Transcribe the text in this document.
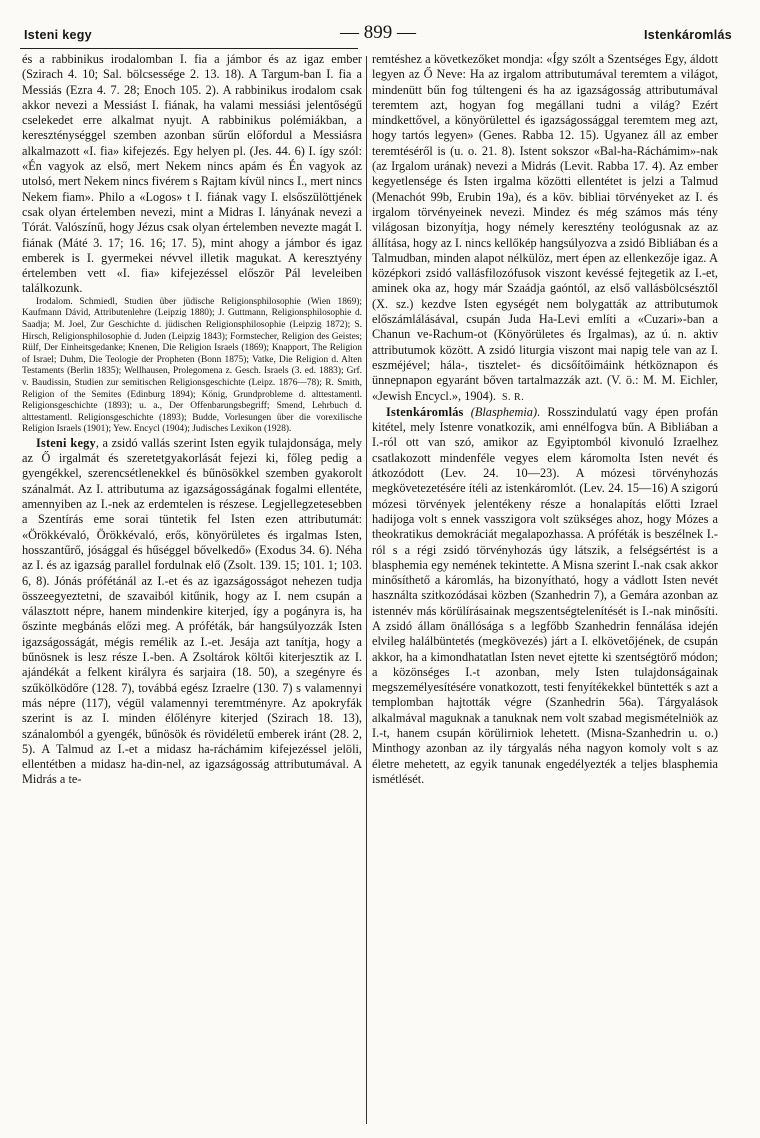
Isteni kegy	— 899 —	Istenkáromlás

és a rabbinikus irodalomban I. fia a jámbor és az igaz ember (Szirach 4. 10; Sal. bölcsessége 2. 13. 18). A Targum-ban I. fia a Messiás (Ezra 4. 7. 28; Enoch 105. 2). A rabbinikus irodalom csak akkor nevezi a Messiást I. fiának, ha valami messiási jelentőségű cselekedet erre alkalmat nyujt. A rabbinikus polémiákban, a kereszténységgel szemben azonban sűrűn előfordul a Messiásra alkalmazott «I. fia» kifejezés. Egy helyen pl. (Jes. 44. 6) I. így szól: «Én vagyok az első, mert Nekem nincs apám és Én vagyok az utolsó, mert Nekem nincs fivérem s Rajtam kívül nincs I., mert nincs Nekem fiam». Philo a «Logos» t I. fiának vagy I. elsőszülöttjének csak olyan értelemben nevezi, mint a Midras I. lányának nevezi a Tórát. Valószínű, hogy Jézus csak olyan értelemben nevezte magát I. fiának (Máté 3. 17; 16. 16; 17. 5), mint ahogy a jámbor és igaz emberek is I. gyermekei névvel illetik magukat. A keresztyény értelemben vett «I. fia» kifejezéssel először Pál leveleiben találkozunk.

Irodalom. Schmiedl, Studien über jüdische Religionsphilosophie (Wien 1869); Kaufmann Dávid, Attributenlehre (Leipzig 1880); J. Guttmann, Religionsphilosophie d. Saadja; M. Joel, Zur Geschichte d. jüdischen Religionsphilosophie (Leipzig 1872); S. Hirsch, Religionsphilosophie d. Juden (Leipzig 1843); Formstecher, Religion des Geistes; Rülf, Der Einheitsgedanke; Knenen, Die Religion Israels (1869); Knapport, The Religion of Israel; Duhm, Die Teologie der Propheten (Bonn 1875); Vatke, Die Religion d. Alten Testaments (Berlin 1835); Wellhausen, Prolegomena z. Gesch. Israels (3. ed. 1883); Grf. v. Baudissin, Studien zur semitischen Religionsgeschichte (Leipz. 1876—78); R. Smith, Religion of the Semites (Edinburg 1894); König, Grundprobleme d. alttestamentl. Religionsgeschichte (1893); u. a., Der Offenbarungsbegriff; Smend, Lehrbuch d. alttestamentl. Religionsgeschichte (1893); Budde, Vorlesungen über die vorexilische Religion Israels (1901); Yew. Encycl (1904); Judisches Lexikon (1928).

Isteni kegy, a zsidó vallás szerint Isten egyik tulajdonsága, mely az Ő irgalmát és szeretetgyakorlását fejezi ki, főleg pedig a gyengékkel, szerencsétlenekkel és bűnösökkel szemben gyakorolt szánalmát. Az I. attributuma az igazságosságának fogalmi ellentéte, amennyiben az I.-nek az erdemtelen is részese. Legjellegzetesebben a Szentírás eme sorai tüntetik fel Isten ezen attributumát: «Örökkévaló, Örökkévaló, erős, könyörületes és irgalmas Isten, hosszantűrő, jósággal és hűséggel bővelkedő» (Exodus 34. 6). Néha az I. és az igazság parallel fordulnak elő (Zsolt. 139. 15; 101. 1; 103. 6, 8). Jónás prófétánál az I.-et és az igazságosságot nehezen tudja összeegyeztetni, de szavaiból kitűnik, hogy az I. nem csupán a választott népre, hanem mindenkire kiterjed, így a pogányra is, ha őszinte megbánás előzi meg. A próféták, bár hangsúlyozzák Isten igazságosságát, mégis remélik az I.-et. Jesája azt tanítja, hogy a bűnösnek is lesz része I.-ben. A Zsoltárok költői kiterjesztik az I. ajándékát a felkent királyra és sarjaira (18. 50), a szegényre és szűkölködőre (128. 7), továbbá egész Izraelre (130. 7) s valamennyi más népre (117), végül valamennyi teremtményre. Az apokryfák szerint is az I. minden élőlényre kiterjed (Szirach 18. 13), szánalomból a gyengék, bűnösök és rövidéletű emberek iránt (28. 2, 5). A Talmud az I.-et a midasz ha-ráchámim kifejezéssel jelöli, ellentétben a midasz ha-din-nel, az igazságosság attributumával. A Midrás a te-

remtéshez a következőket mondja: «Így szólt a Szentséges Egy, áldott legyen az Ő Neve: Ha az irgalom attributumával teremtem a világot, mindenütt bűn fog túltengeni és ha az igazságosság attributumával teremtem azt, hogyan fog megállani tudni a világ? Ezért mindkettővel, a könyörülettel és igazságossággal teremtem meg azt, hogy tartós legyen» (Genes. Rabba 12. 15). Ugyanez áll az ember teremtéséről is (u. o. 21. 8). Istent sokszor «Bal-ha-Ráchámim»-nak (az Irgalom urának) nevezi a Midrás (Levit. Rabba 17. 4). Az ember kegyetlensége és Isten irgalma közötti ellentétet is jelzi a Talmud (Menachót 99b, Erubin 19a), és a köv. bibliai törvényeket az I. és irgalom törvényeinek nevezi. Mindez és még számos más tény világosan bizonyítja, hogy némely keresztény teológusnak az az állítása, hogy az I. nincs kellőkép hangsúlyozva a zsidó Bibliában és a Talmudban, minden alapot nélkülöz, mert épen az ellenkezője igaz. A középkori zsidó vallásfilozófusok viszont kevéssé fejtegetik az I.-et, aminek oka az, hogy már Szaádja gaóntól, az első vallásbölcsésztől (X. sz.) kezdve Isten egységét nem bolygatták az attributumok előszámlálásával, csupán Juda Ha-Levi említi a «Cuzari»-ban a Chanun ve-Rachum-ot (Könyörületes és Irgalmas), az ú. n. aktiv attributumok között. A zsidó liturgia viszont mai napig tele van az I. eszméjével; hála-, tisztelet- és dicsőítőimáink hétköznapon és ünnepnapon egyaránt bőven tartalmazzák azt. (V. ö.: M. M. Eichler, «Jewish Encycl.», 1904). S. R.

Istenkáromlás (Blasphemia). Rosszindulatú vagy épen profán kitétel, mely Istenre vonatkozik, ami ennélfogva bűn. A Bibliában a I.-ról ott van szó, amikor az Egyiptomból kivonuló Izraelhez csatlakozott mindenféle vegyes elem káromolta Isten nevét és átkozódott (Lev. 24. 10—23). A mózesi törvényhozás megkövetezetésére ítéli az istenkáromlót. (Lev. 24. 15—16) A szigorú mózesi törvények jelentékeny része a honalapítás előtti Izrael hadijoga volt s ennek vasszigora volt szükséges ahoz, hogy Mózes a theokratikus demokráciát megalapozhassa. A próféták is beszélnek I.-ról s a régi zsidó törvényhozás úgy látszik, a felségsértést is a blasphemia egy nemének tekintette. A Misna szerint I.-nak csak akkor minősíthető a káromlás, ha bizonyítható, hogy a vádlott Isten nevét használta szitkozódásai közben (Szanhedrin 7), a Gemára azonban az istennév más körülírásainak megszentségtelenítését is I.-nak minősíti. A zsidó állam önállósága s a legfőbb Szanhedrin fennálása idején elvileg halálbüntetés (megkövezés) járt a I. elkövetőjének, de csupán akkor, ha a kimondhatatlan Isten nevet ejtette ki szentségtörő módon; a közönséges I.-t azonban, mely Isten tulajdonságainak megszemélyesítésére vonatkozott, testi fenyítékekkel büntették s azt a templomban hajtották végre (Szanhedrin 56a). Tárgyalások alkalmával maguknak a tanuknak nem volt szabad megismételniök az I.-t, hanem csupán körülirniok lehetett. (Misna-Szanhedrin u. o.) Minthogy azonban az ily tárgyalás néha nagyon komoly volt s az életre mehetett, az egyik tanunak engedélyezték a teljes blasphemia ismétlését.
